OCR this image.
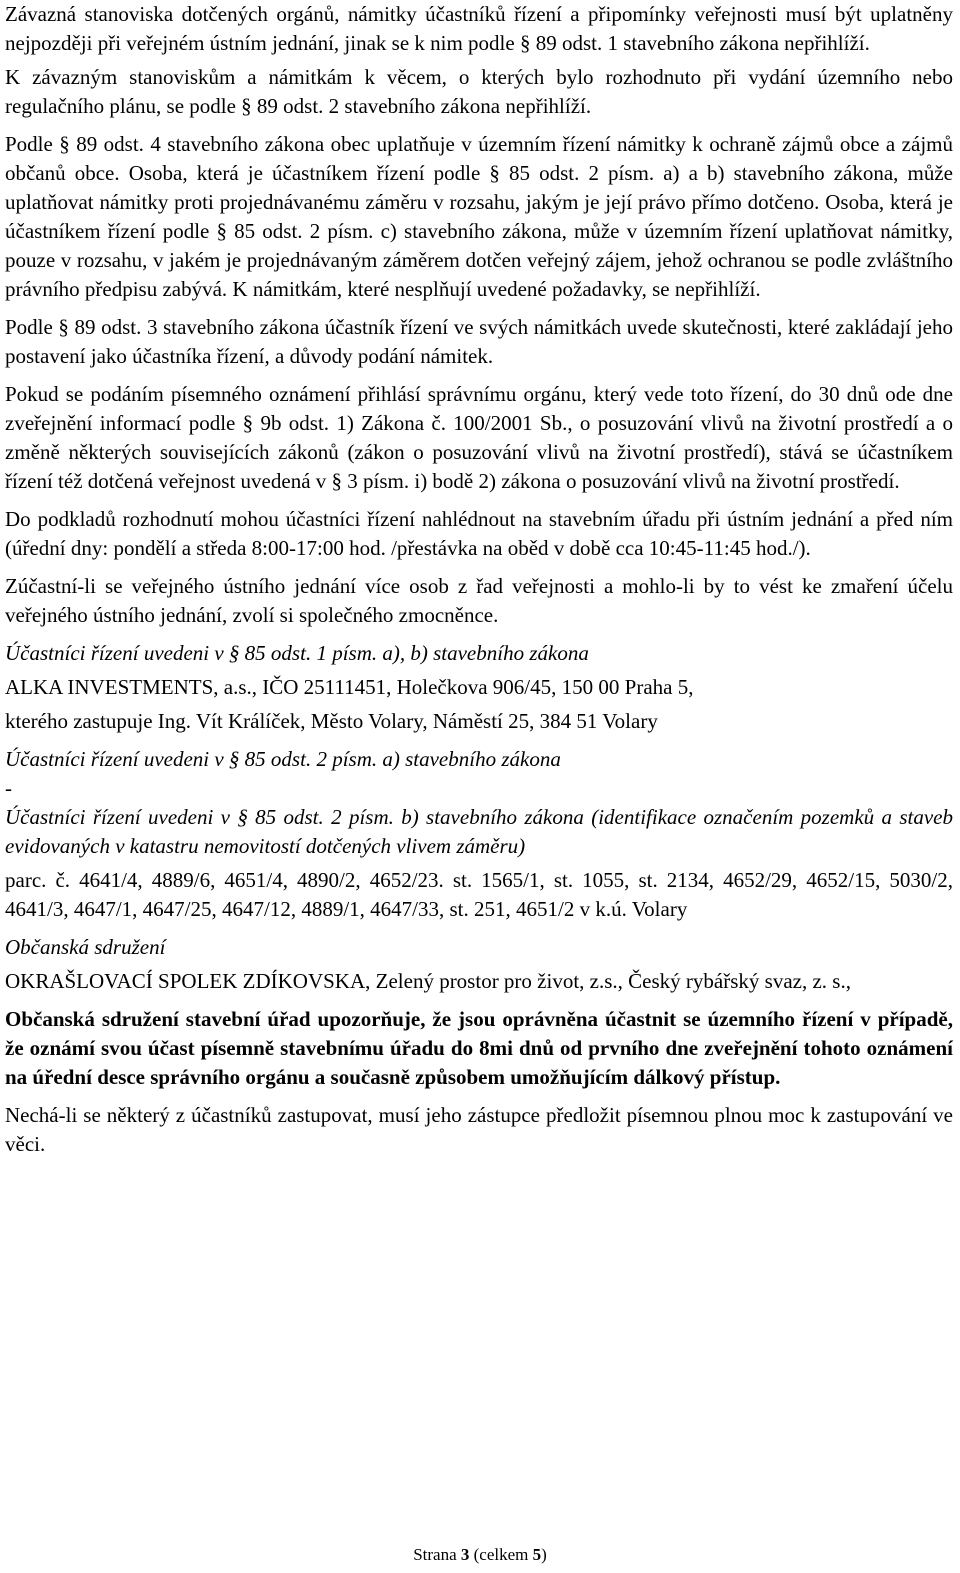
Závazná stanoviska dotčených orgánů, námitky účastníků řízení a připomínky veřejnosti musí být uplatněny nejpozději při veřejném ústním jednání, jinak se k nim podle § 89 odst. 1 stavebního zákona nepřihlíží.

K závazným stanoviskům a námitkám k věcem, o kterých bylo rozhodnuto při vydání územního nebo regulačního plánu, se podle § 89 odst. 2 stavebního zákona nepřihlíží.

Podle § 89 odst. 4 stavebního zákona obec uplatňuje v územním řízení námitky k ochraně zájmů obce a zájmů občanů obce. Osoba, která je účastníkem řízení podle § 85 odst. 2 písm. a) a b) stavebního zákona, může uplatňovat námitky proti projednávanému záměru v rozsahu, jakým je její právo přímo dotčeno. Osoba, která je účastníkem řízení podle § 85 odst. 2 písm. c) stavebního zákona, může v územním řízení uplatňovat námitky, pouze v rozsahu, v jakém je projednávaným záměrem dotčen veřejný zájem, jehož ochranou se podle zvláštního právního předpisu zabývá. K námitkám, které nesplňují uvedené požadavky, se nepřihlíží.

Podle § 89 odst. 3 stavebního zákona účastník řízení ve svých námitkách uvede skutečnosti, které zakládají jeho postavení jako účastníka řízení, a důvody podání námitek.

Pokud se podáním písemného oznámení přihlásí správnímu orgánu, který vede toto řízení, do 30 dnů ode dne zveřejnění informací podle § 9b odst. 1) Zákona č. 100/2001 Sb., o posuzování vlivů na životní prostředí a o změně některých souvisejících zákonů (zákon o posuzování vlivů na životní prostředí), stává se účastníkem řízení též dotčená veřejnost uvedená v § 3 písm. i) bodě 2) zákona o posuzování vlivů na životní prostředí.

Do podkladů rozhodnutí mohou účastníci řízení nahlédnout na stavebním úřadu při ústním jednání a před ním (úřední dny: pondělí a středa 8:00-17:00 hod. /přestávka na oběd v době cca 10:45-11:45 hod./).

Zúčastní-li se veřejného ústního jednání více osob z řad veřejnosti a mohlo-li by to vést ke zmaření účelu veřejného ústního jednání, zvolí si společného zmocněnce.

Účastníci řízení uvedeni v § 85 odst. 1 písm. a), b) stavebního zákona

ALKA INVESTMENTS, a.s., IČO 25111451, Holečkova 906/45, 150 00 Praha 5,

kterého zastupuje Ing. Vít Králíček, Město Volary, Náměstí 25, 384 51 Volary

Účastníci řízení uvedeni v § 85 odst. 2 písm. a) stavebního zákona

-

Účastníci řízení uvedeni v § 85 odst. 2 písm. b) stavebního zákona (identifikace označením pozemků a staveb evidovaných v katastru nemovitostí dotčených vlivem záměru)

parc. č. 4641/4, 4889/6, 4651/4, 4890/2, 4652/23. st. 1565/1, st. 1055, st. 2134, 4652/29, 4652/15, 5030/2, 4641/3, 4647/1, 4647/25, 4647/12, 4889/1, 4647/33, st. 251, 4651/2 v k.ú. Volary

Občanská sdružení

OKRAŠLOVACÍ SPOLEK ZDÍKOVSKA, Zelený prostor pro život, z.s., Český rybářský svaz, z. s.,

Občanská sdružení stavební úřad upozorňuje, že jsou oprávněna účastnit se územního řízení v případě, že oznámí svou účast písemně stavebnímu úřadu do 8mi dnů od prvního dne zveřejnění tohoto oznámení na úřední desce správního orgánu a současně způsobem umožňujícím dálkový přístup.

Nechá-li se některý z účastníků zastupovat, musí jeho zástupce předložit písemnou plnou moc k zastupování ve věci.

Strana 3 (celkem 5)
